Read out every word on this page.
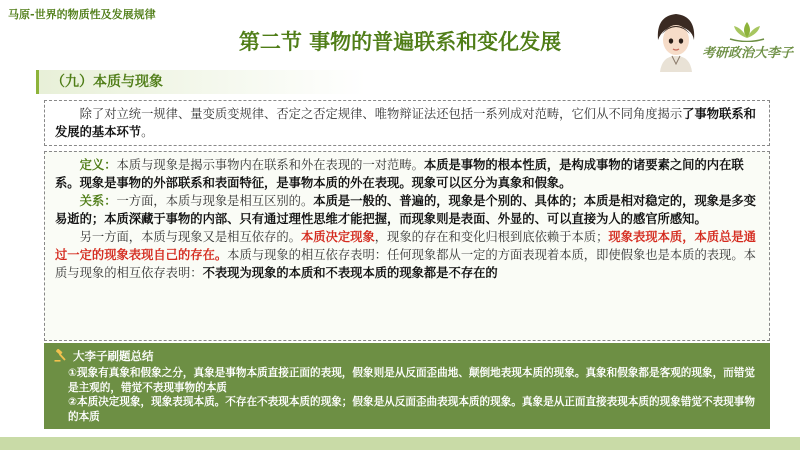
马原-世界的物质性及发展规律
第二节 事物的普遍联系和变化发展	考研政治大李子
（九）本质与现象

除了对立统一规律、量变质变规律、否定之否定规律、唯物辩证法还包括一系列成对范畴，它们从不同角度揭示了事物联系和发展的基本环节。

定义：本质与现象是揭示事物内在联系和外在表现的一对范畴。本质是事物的根本性质，是构成事物的诸要素之间的内在联系。现象是事物的外部联系和表面特征，是事物本质的外在表现。现象可以区分为真象和假象。

关系：一方面，本质与现象是相互区别的。本质是一般的、普遍的，现象是个别的、具体的；本质是相对稳定的，现象是多变易逝的；本质深藏于事物的内部、只有通过理性思维才能把握，而现象则是表面、外显的、可以直接为人的感官所感知。

另一方面，本质与现象又是相互依存的。本质决定现象，现象的存在和变化归根到底依赖于本质；现象表现本质，本质总是通过一定的现象表现自己的存在。本质与现象的相互依存表明：任何现象都从一定的方面表现着本质，即使假象也是本质的表现。本质与现象的相互依存表明：不表现为现象的本质和不表现本质的现象都是不存在的

大李子刷题总结

①现象有真象和假象之分，真象是事物本质直接正面的表现，假象则是从反面歪曲地、颠倒地表现本质的现象。真象和假象都是客观的现象，而错觉是主观的，错觉不表现事物的本质

②本质决定现象，现象表现本质。不存在不表现本质的现象；假象是从反面歪曲表现本质的现象。真象是从正面直接表现本质的现象错觉不表现事物的本质
